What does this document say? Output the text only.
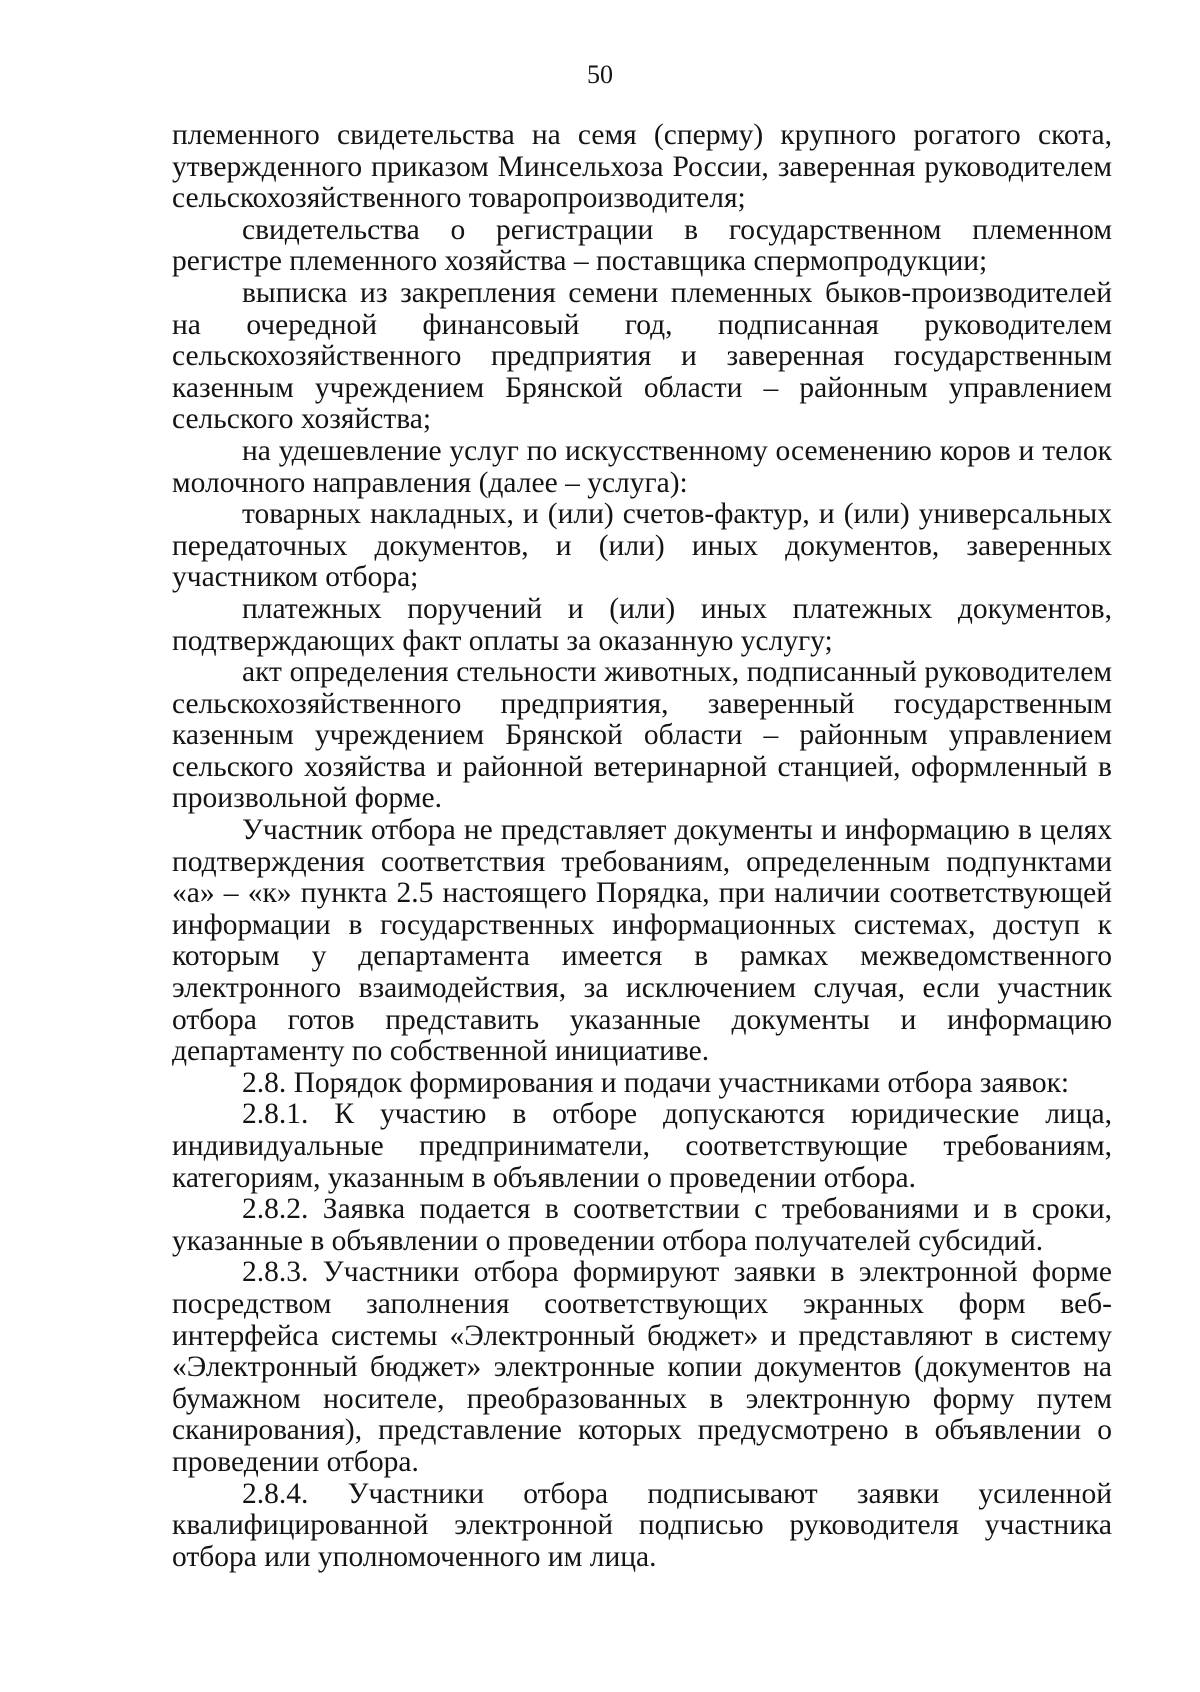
50

племенного свидетельства на семя (сперму) крупного рогатого скота, утвержденного приказом Минсельхоза России, заверенная руководителем сельскохозяйственного товаропроизводителя;

свидетельства о регистрации в государственном племенном регистре племенного хозяйства – поставщика спермопродукции;

выписка из закрепления семени племенных быков-производителей на очередной финансовый год, подписанная руководителем сельскохозяйственного предприятия и заверенная государственным казенным учреждением Брянской области – районным управлением сельского хозяйства;

на удешевление услуг по искусственному осеменению коров и телок молочного направления (далее – услуга):

товарных накладных, и (или) счетов-фактур, и (или) универсальных передаточных документов, и (или) иных документов, заверенных участником отбора;

платежных поручений и (или) иных платежных документов, подтверждающих факт оплаты за оказанную услугу;

акт определения стельности животных, подписанный руководителем сельскохозяйственного предприятия, заверенный государственным казенным учреждением Брянской области – районным управлением сельского хозяйства и районной ветеринарной станцией, оформленный в произвольной форме.

Участник отбора не представляет документы и информацию в целях подтверждения соответствия требованиям, определенным подпунктами «а» – «к» пункта 2.5 настоящего Порядка, при наличии соответствующей информации в государственных информационных системах, доступ к которым у департамента имеется в рамках межведомственного электронного взаимодействия, за исключением случая, если участник отбора готов представить указанные документы и информацию департаменту по собственной инициативе.

2.8. Порядок формирования и подачи участниками отбора заявок:

2.8.1. К участию в отборе допускаются юридические лица, индивидуальные предприниматели, соответствующие требованиям, категориям, указанным в объявлении о проведении отбора.

2.8.2. Заявка подается в соответствии с требованиями и в сроки, указанные в объявлении о проведении отбора получателей субсидий.

2.8.3. Участники отбора формируют заявки в электронной форме посредством заполнения соответствующих экранных форм веб-интерфейса системы «Электронный бюджет» и представляют в систему «Электронный бюджет» электронные копии документов (документов на бумажном носителе, преобразованных в электронную форму путем сканирования), представление которых предусмотрено в объявлении о проведении отбора.

2.8.4. Участники отбора подписывают заявки усиленной квалифицированной электронной подписью руководителя участника отбора или уполномоченного им лица.
